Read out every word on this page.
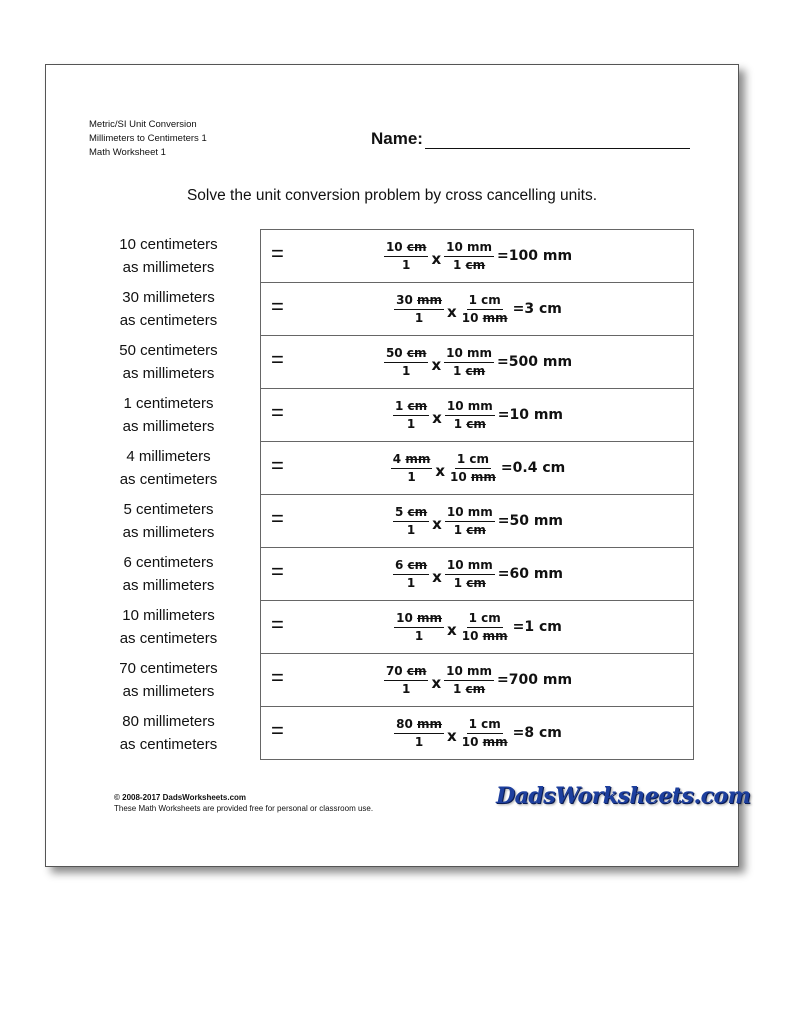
Metric/SI Unit Conversion
Millimeters to Centimeters 1
Math Worksheet 1
Name:
Solve the unit conversion problem by cross cancelling units.
10 centimeters
as millimeters
=
30 millimeters
as centimeters
=
50 centimeters
as millimeters
=
1 centimeters
as millimeters
=
4 millimeters
as centimeters
=
5 centimeters
as millimeters
=
6 centimeters
as millimeters
=
10 millimeters
as centimeters
=
70 centimeters
as millimeters
=
80 millimeters
as centimeters
=
$\frac{10 cm}{1}$ x $\frac{10 mm}{1 cm} =100$ mm
$\frac{30 mm}{1}$ x $\frac{1 cm}{10 mm} =3$ cm
$\frac{50 cm}{1}$ x $\frac{10 mm}{1 cm} =500$ mm
$\frac{1 cm}{1}$ x $\frac{10 mm}{1 cm} =10$ mm
$\frac{4 mm}{1}$ x $\frac{1 cm}{10 mm} =0.4$ cm
$\frac{5 cm}{1}$ x $\frac{10 mm}{1 cm} =50$ mm
$\frac{6 cm}{1}$ x $\frac{10 mm}{1 cm} =60$ mm
$\frac{10 mm}{1}$ x $\frac{1 cm}{10 mm} =1$ cm
$\frac{70 cm}{1}$ x $\frac{10 mm}{1 cm} =700$ mm
$\frac{80 mm}{1}$ x $\frac{1 cm}{10 mm} =8$ cm
© 2008-2017 DadsWorksheets.com
These Math Worksheets are provided free for personal or classroom use.	DadsWorksheets.com
